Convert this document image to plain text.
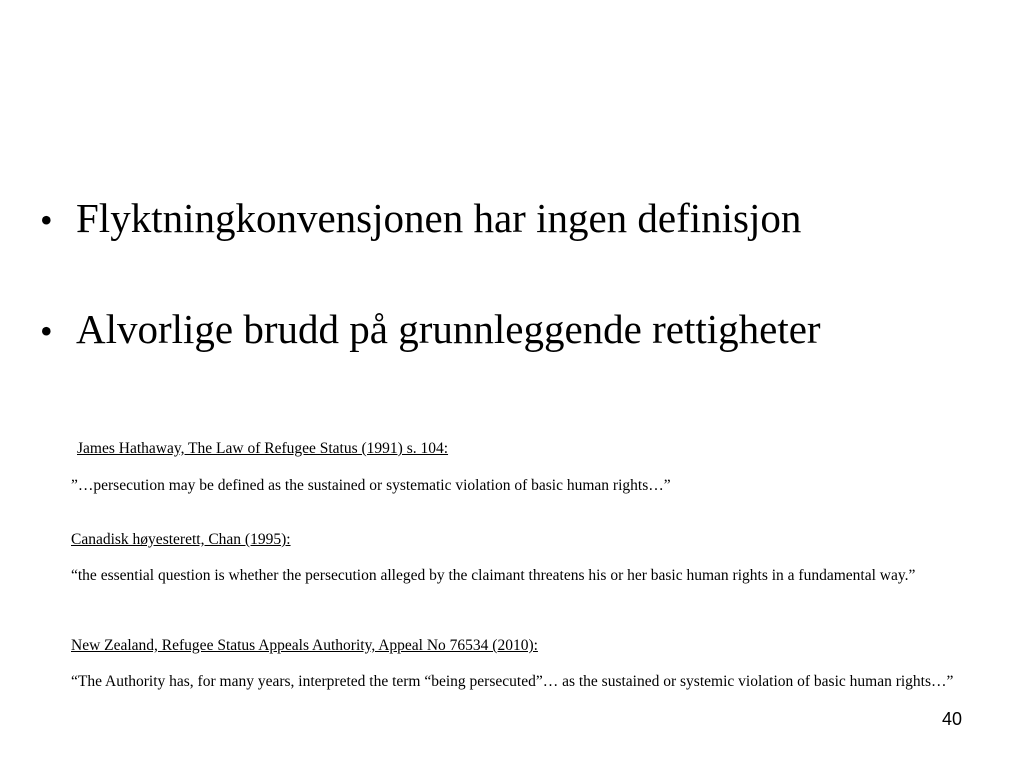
• Flyktningkonvensjonen har ingen definisjon
• Alvorlige brudd på grunnleggende rettigheter
James Hathaway, The Law of Refugee Status (1991) s. 104:
”…persecution may be defined as the sustained or systematic violation of basic human rights…”
Canadisk høyesterett, Chan (1995):
“the essential question is whether the persecution alleged by the claimant threatens his or her basic human rights in a fundamental way.”
New Zealand, Refugee Status Appeals Authority, Appeal No 76534 (2010):
“The Authority has, for many years, interpreted the term “being persecuted”… as the sustained or systemic violation of basic human rights…”
40
